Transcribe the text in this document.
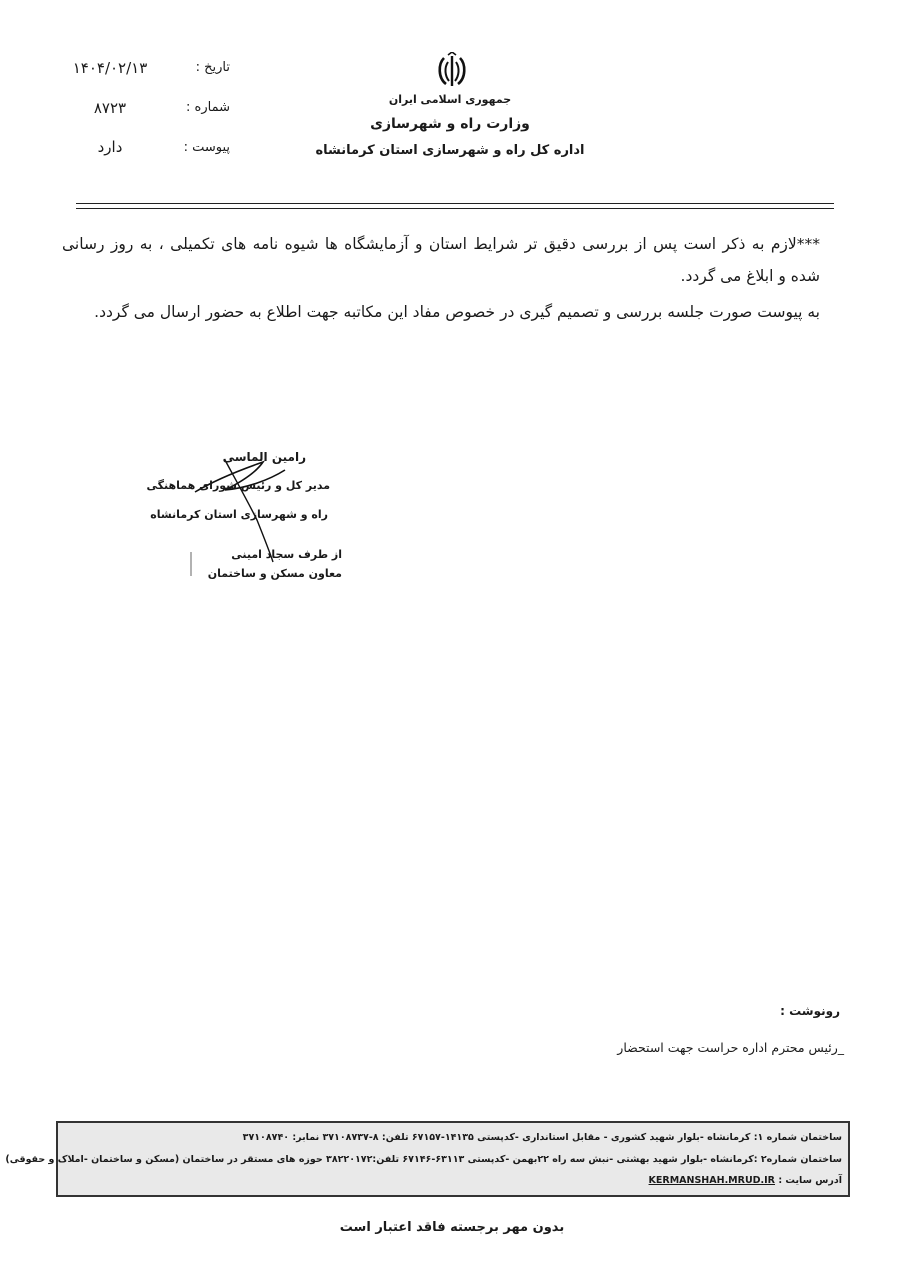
جمهوری اسلامی ایران
وزارت راه و شهرسازی
اداره کل راه و شهرسازی استان کرمانشاه
تاریخ :
۱۴۰۴/۰۲/۱۳
شماره :
۸۷۲۳
پیوست :
دارد
***لازم به ذکر است پس از بررسی دقیق تر شرایط استان و آزمایشگاه ها شیوه نامه های تکمیلی ، به روز رسانی شده و ابلاغ می گردد.
به پیوست صورت جلسه بررسی و تصمیم گیری در خصوص مفاد این مکاتبه جهت اطلاع به حضور ارسال می گردد.
رامین الماسی
مدیر کل و رئیس شورای هماهنگی
راه و شهرسازی استان کرمانشاه
از طرف سجاد امینی
معاون مسکن و ساختمان
رونوشت :
_رئیس محترم اداره حراست جهت استحضار
ساختمان شماره ۱: کرمانشاه -بلوار شهید کشوری - مقابل استانداری -کدپستی ۱۴۱۳۵-۶۷۱۵۷ تلفن: ۸-۳۷۱۰۸۷۳۷ نمابر: ۳۷۱۰۸۷۴۰
ساختمان شماره۲ :کرمانشاه -بلوار شهید بهشتی -نبش سه راه ۲۲بهمن -کدپستی ۶۳۱۱۳-۶۷۱۴۶ تلفن:۳۸۲۲۰۱۷۲ حوزه های مستقر در ساختمان (مسکن و ساختمان -املاک و حقوقی)
آدرس سایت : KERMANSHAH.MRUD.IR
بدون مهر برجسته فاقد اعتبار است
